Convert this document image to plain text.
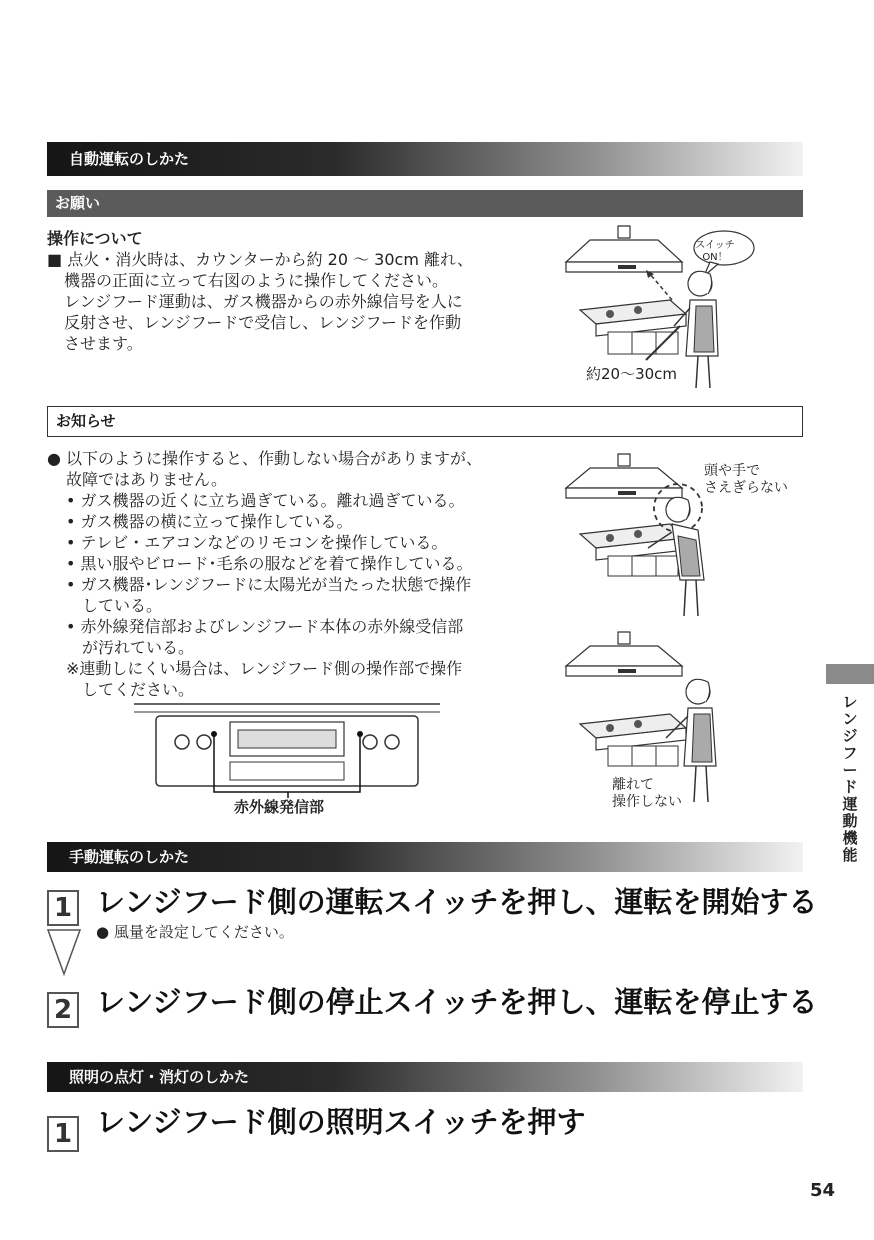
自動運転のしかた
お願い
操作について
■ 点火・消火時は、カウンターから約 20 ～ 30cm 離れ、
機器の正面に立って右図のように操作してください。
レンジフード運動は、ガス機器からの赤外線信号を人に
反射させ、レンジフードで受信し、レンジフードを作動
させます。
スイッチ ON！
約20～30cm
お知らせ
● 以下のように操作すると、作動しない場合がありますが、
故障ではありません。
• ガス機器の近くに立ち過ぎている。離れ過ぎている。
• ガス機器の横に立って操作している。
• テレビ・エアコンなどのリモコンを操作している。
• 黒い服やビロード･毛糸の服などを着て操作している。
• ガス機器･レンジフードに太陽光が当たった状態で操作
している。
• 赤外線発信部およびレンジフード本体の赤外線受信部
が汚れている。
※連動しにくい場合は、レンジフード側の操作部で操作
してください。
頭や手で
さえぎらない
離れて
操作しない
赤外線発信部
手動運転のしかた
1 レンジフード側の運転スイッチを押し、運転を開始する
● 風量を設定してください。
2 レンジフード側の停止スイッチを押し、運転を停止する
照明の点灯・消灯のしかた
1 レンジフード側の照明スイッチを押す
レ
ン
ジ
フ
ー
ド
運
動
機
能
54
